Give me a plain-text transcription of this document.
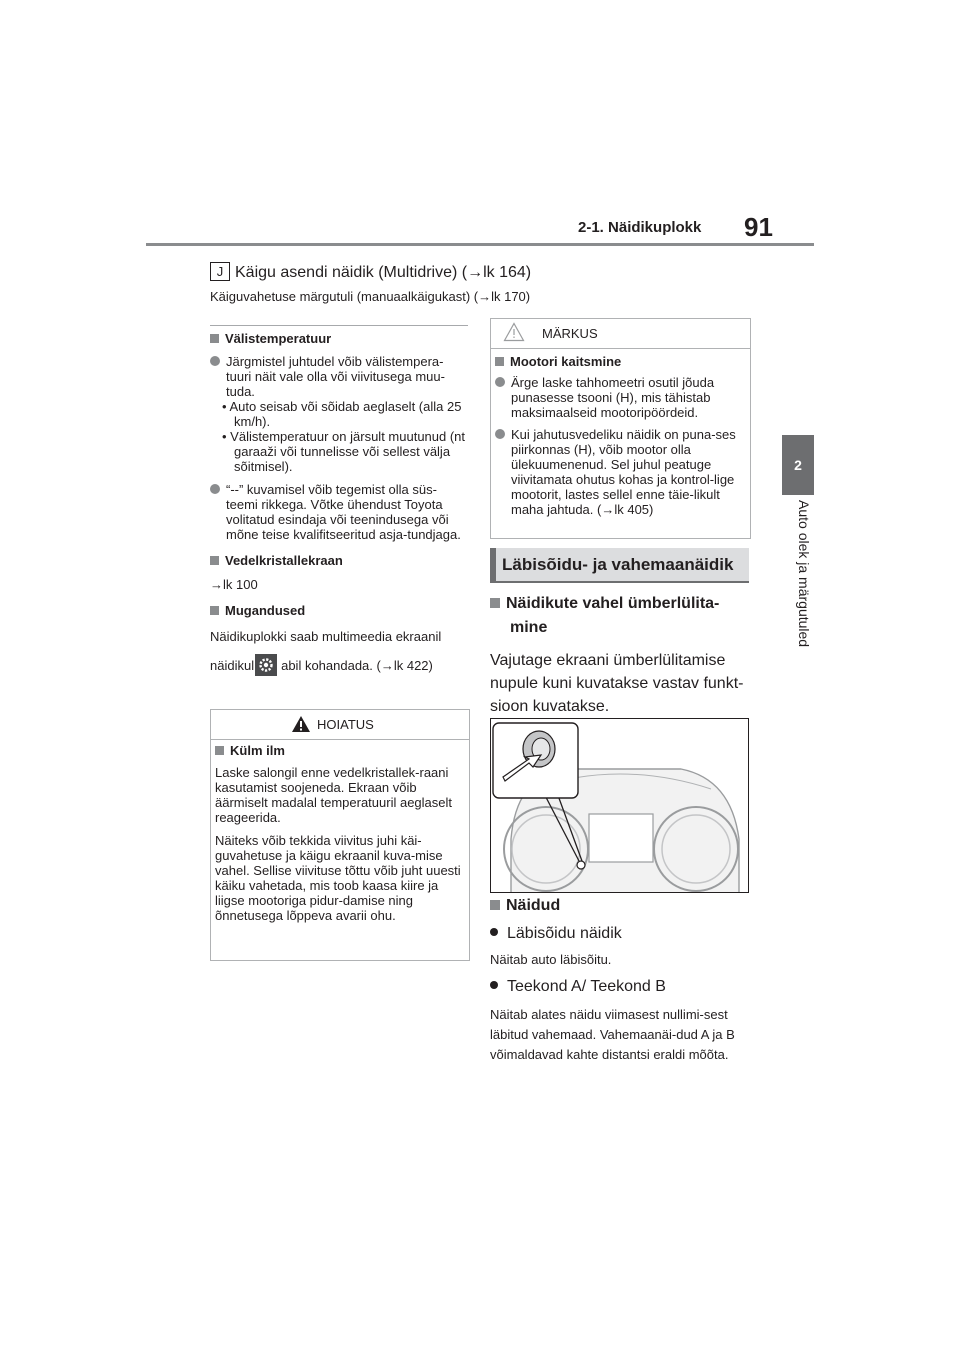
2-1. Näidikuplokk 91
2
Auto olek ja märgutuled
J Käigu asendi näidik (Multidrive) (→lk 164)
Käiguvahetuse märgutuli (manuaalkäigukast) (→lk 170)
Välistemperatuur
Järgmistel juhtudel võib välistempera-tuuri näit vale olla või viivitusega muu-tuda.
• Auto seisab või sõidab aeglaselt (alla 25 km/h).
• Välistemperatuur on järsult muutunud (nt garaaži või tunnelisse või sellest välja sõitmisel).
“--” kuvamisel võib tegemist olla süs-teemi rikkega. Võtke ühendust Toyota volitatud esindaja või teenindusega või mõne teise kvalifitseeritud asja-tundjaga.
Vedelkristallekraan
→lk 100
Mugandused
Näidikuplokki saab multimeedia ekraanil
näidikul abil kohandada. (→lk 422)
HOIATUS
Külm ilm
Laske salongil enne vedelkristallek-raani kasutamist soojeneda. Ekraan võib äärmiselt madalal temperatuuril aeglaselt reageerida.
Näiteks võib tekkida viivitus juhi käi-guvahetuse ja käigu ekraanil kuva-mise vahel. Sellise viivituse tõttu võib juht uuesti käiku vahetada, mis toob kaasa kiire ja liigse mootoriga pidur-damise ning õnnetusega lõppeva avarii ohu.
MÄRKUS
Mootori kaitsmine
Ärge laske tahhomeetri osutil jõuda punasesse tsooni (H), mis tähistab maksimaalseid mootoripöördeid.
Kui jahutusvedeliku näidik on puna-ses piirkonnas (H), võib mootor olla ülekuumenenud. Sel juhul peatuge viivitamata ohutus kohas ja kontrol-lige mootorit, lastes sellel enne täie-likult maha jahtuda. (→lk 405)
Läbisõidu- ja vahemaanäidik
Näidikute vahel ümberlülita-mine
Vajutage ekraani ümberlülitamise nupule kuni kuvatakse vastav funkt-sioon kuvatakse.
Näidud
Läbisõidu näidik
Näitab auto läbisõitu.
Teekond A/ Teekond B
Näitab alates näidu viimasest nullimi-sest läbitud vahemaad. Vahemaanäi-dud A ja B võimaldavad kahte distantsi eraldi mõõta.
